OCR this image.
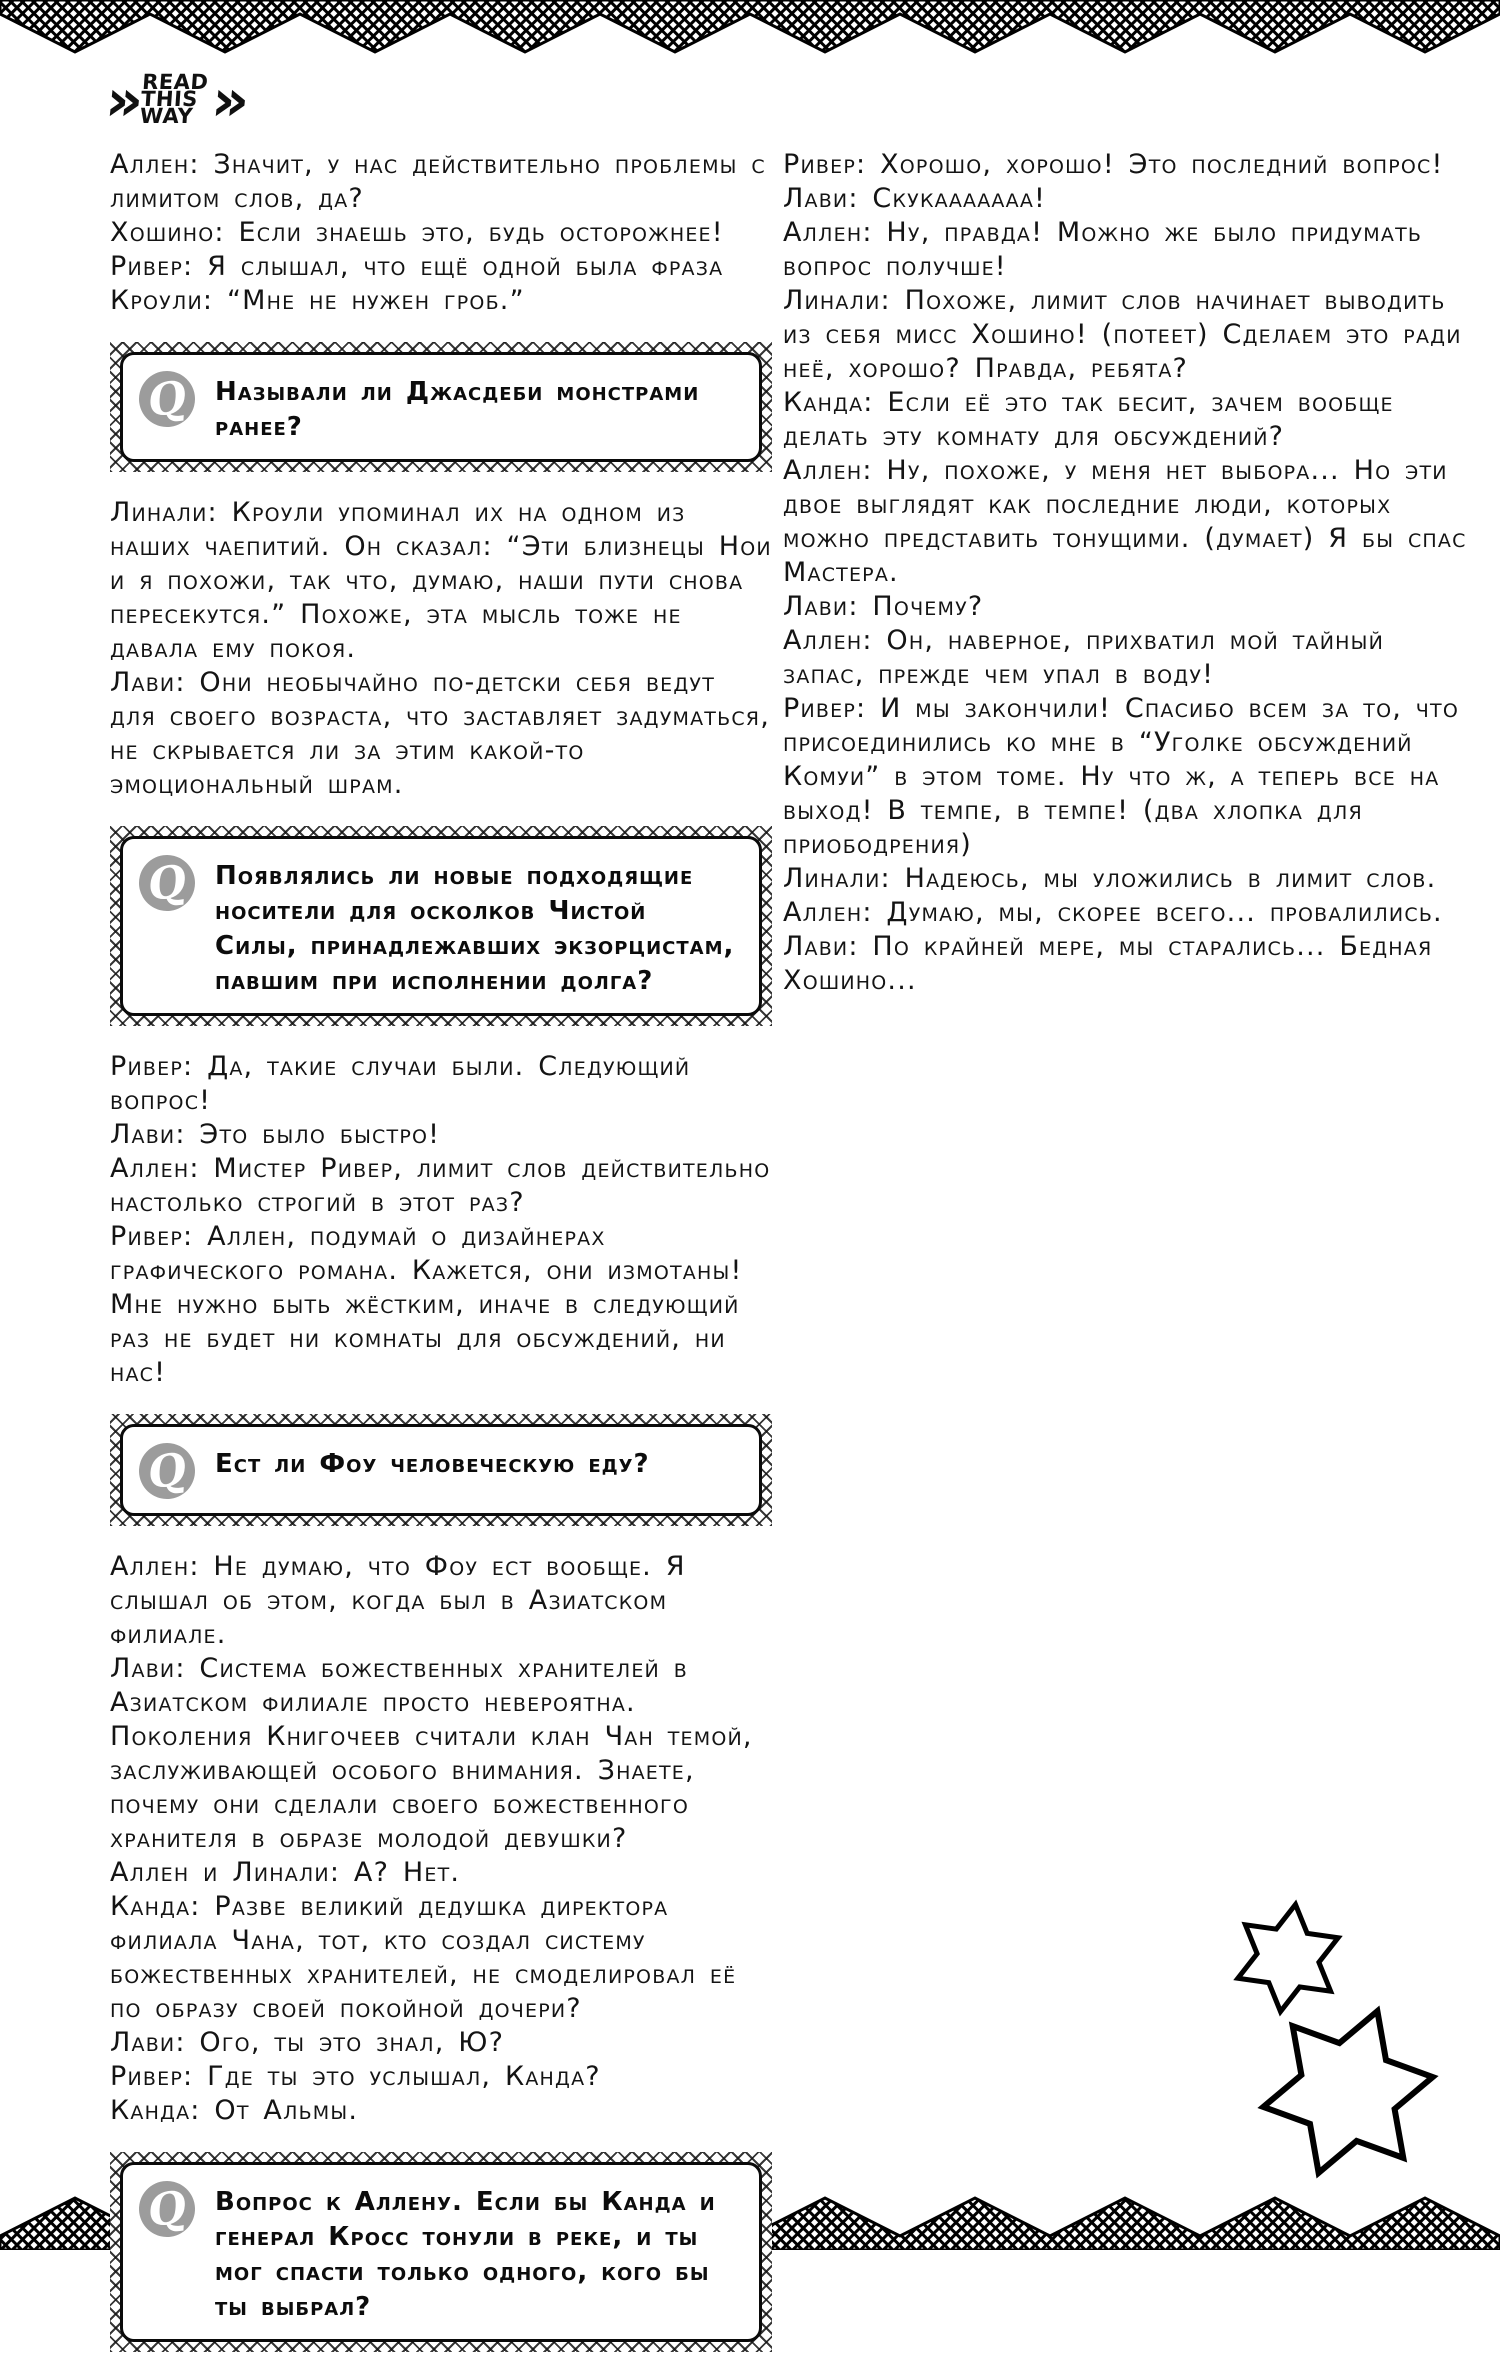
» READ
THIS
WAY »

Аллен: Значит, у нас действительно проблемы с лимитом слов, да?

Хошино: Если знаешь это, будь осторожнее!

Ривер: Я слышал, что ещё одной была фраза Кроули: “Мне не нужен гроб.”

Q Называли ли Джасдеби монстрами ранее?

Линали: Кроули упоминал их на одном из наших чаепитий. Он сказал: “Эти близнецы Нои и я похожи, так что, думаю, наши пути снова пересекутся.” Похоже, эта мысль тоже не давала ему покоя.

Лави: Они необычайно по-детски себя ведут для своего возраста, что заставляет задуматься, не скрывается ли за этим какой-то эмоциональный шрам.

Q Появлялись ли новые подходящие носители для осколков Чистой Силы, принадлежавших экзорцистам, павшим при исполнении долга?

Ривер: Да, такие случаи были. Следующий вопрос!

Лави: Это было быстро!

Аллен: Мистер Ривер, лимит слов действительно настолько строгий в этот раз?

Ривер: Аллен, подумай о дизайнерах графического романа. Кажется, они измотаны! Мне нужно быть жёстким, иначе в следующий раз не будет ни комнаты для обсуждений, ни нас!

Q Ест ли Фоу человеческую еду?

Аллен: Не думаю, что Фоу ест вообще. Я слышал об этом, когда был в Азиатском филиале.

Лави: Система божественных хранителей в Азиатском филиале просто невероятна. Поколения Книгочеев считали клан Чан темой, заслуживающей особого внимания. Знаете, почему они сделали своего божественного хранителя в образе молодой девушки?

Аллен и Линали: А? Нет.

Канда: Разве великий дедушка директора филиала Чана, тот, кто создал систему божественных хранителей, не смоделировал её по образу своей покойной дочери?

Лави: Ого, ты это знал, Ю?

Ривер: Где ты это услышал, Канда?

Канда: От Альмы.

Q Вопрос к Аллену. Если бы Канда и генерал Кросс тонули в реке, и ты мог спасти только одного, кого бы ты выбрал?

Ривер: Хорошо, хорошо! Это последний вопрос!

Лави: Скукааааааа!

Аллен: Ну, правда! Можно же было придумать вопрос получше!

Линали: Похоже, лимит слов начинает выводить из себя мисс Хошино! (потеет) Сделаем это ради неё, хорошо? Правда, ребята?

Канда: Если её это так бесит, зачем вообще делать эту комнату для обсуждений?

Аллен: Ну, похоже, у меня нет выбора... Но эти двое выглядят как последние люди, которых можно представить тонущими. (думает) Я бы спас Мастера.

Лави: Почему?

Аллен: Он, наверное, прихватил мой тайный запас, прежде чем упал в воду!

Ривер: И мы закончили! Спасибо всем за то, что присоединились ко мне в “Уголке обсуждений Комуи” в этом томе. Ну что ж, а теперь все на выход! В темпе, в темпе! (два хлопка для приободрения)

Линали: Надеюсь, мы уложились в лимит слов.

Аллен: Думаю, мы, скорее всего... провалились.

Лави: По крайней мере, мы старались... Бедная Хошино...
